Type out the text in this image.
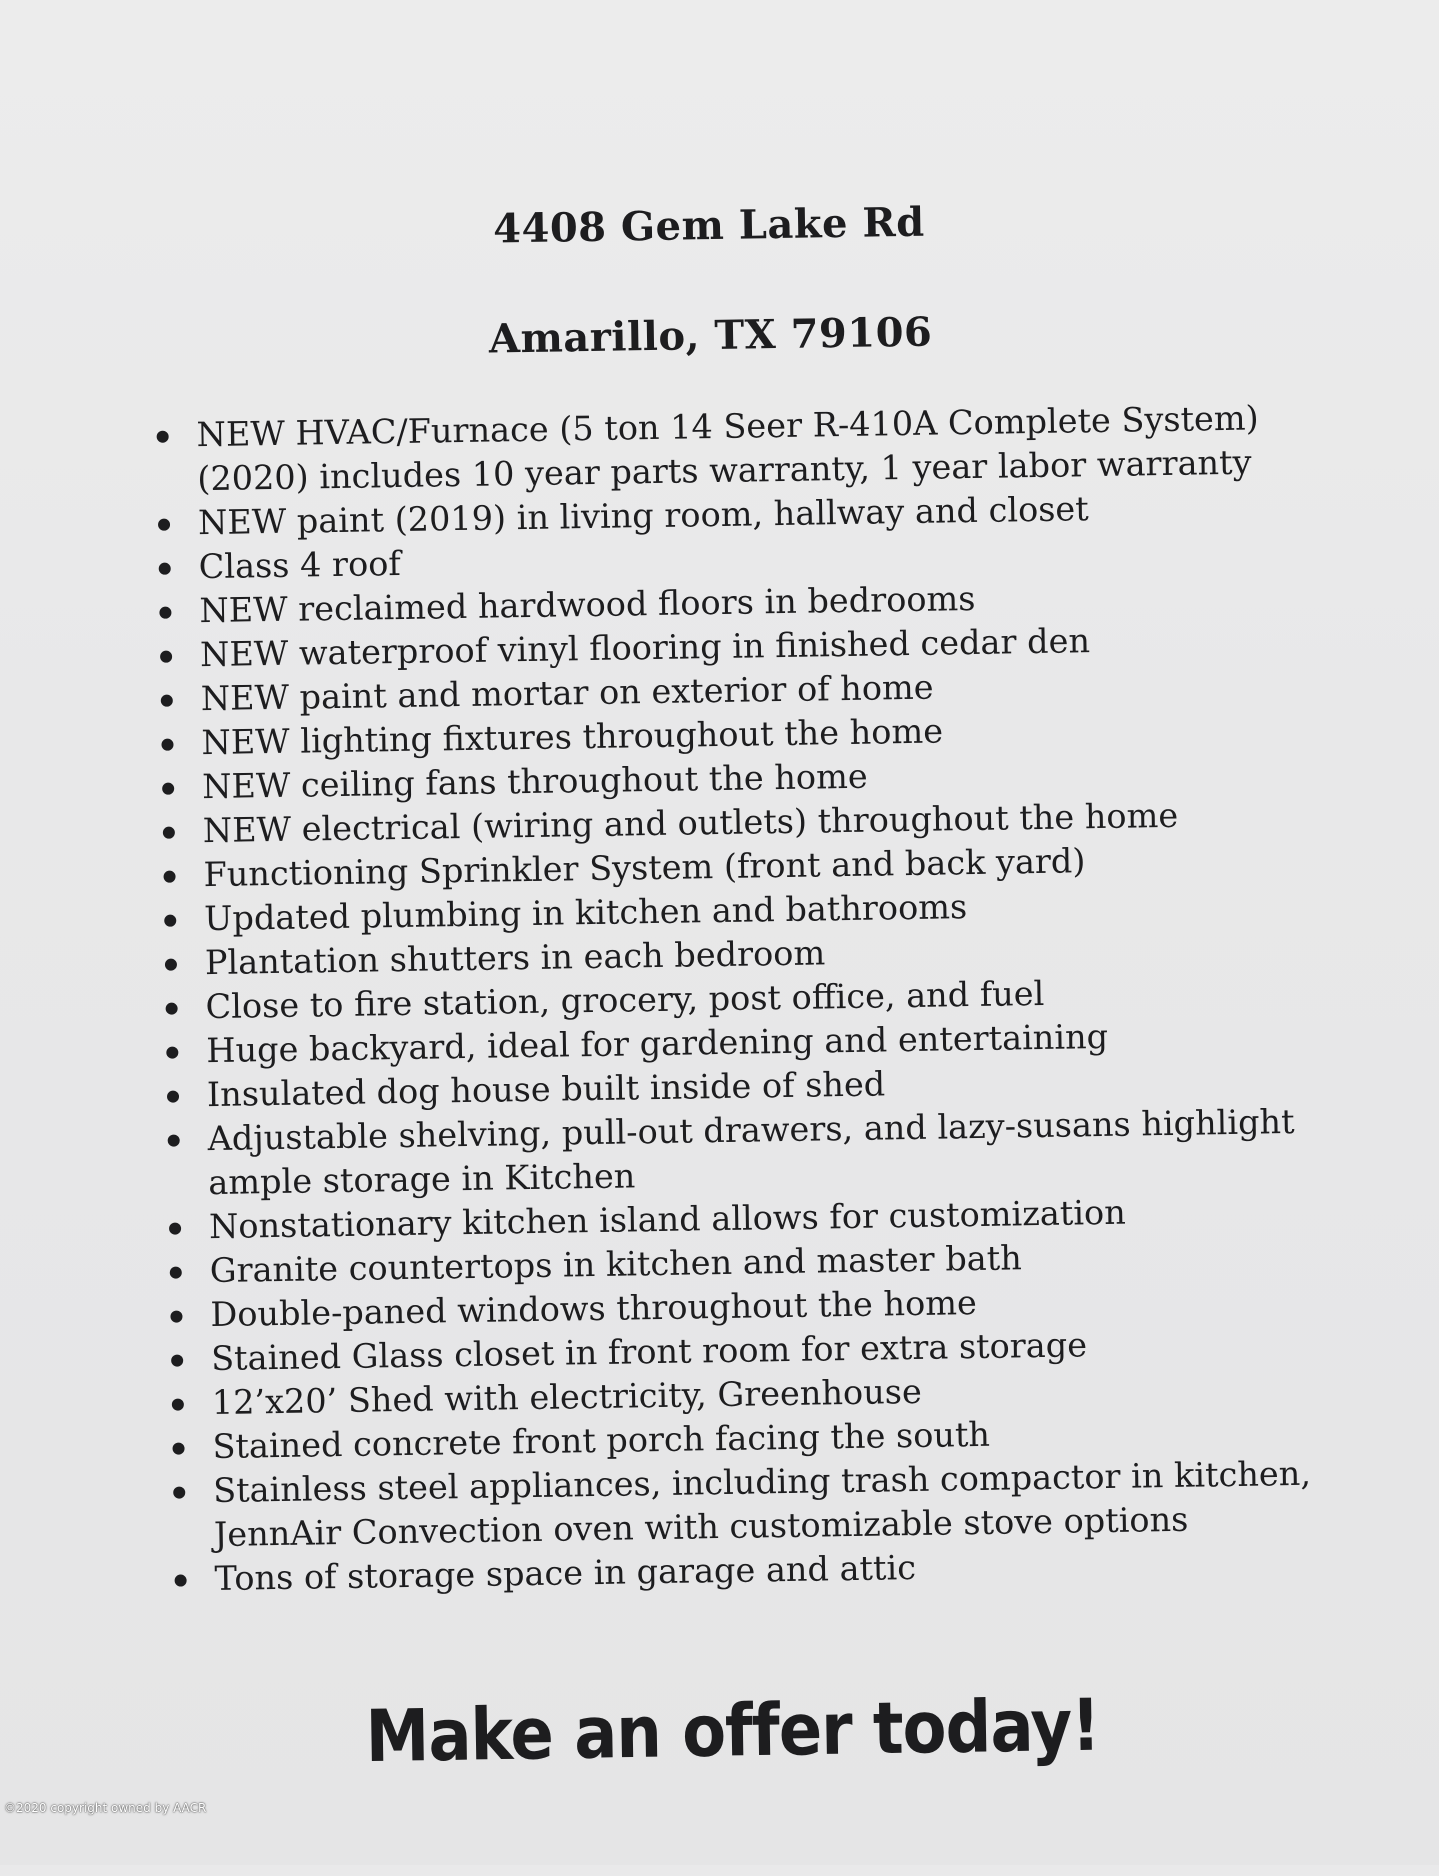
4408 Gem Lake Rd
Amarillo, TX 79106
NEW HVAC/Furnace (5 ton 14 Seer R-410A Complete System) (2020) includes 10 year parts warranty, 1 year labor warranty
NEW paint (2019) in living room, hallway and closet
Class 4 roof
NEW reclaimed hardwood floors in bedrooms
NEW waterproof vinyl flooring in finished cedar den
NEW paint and mortar on exterior of home
NEW lighting fixtures throughout the home
NEW ceiling fans throughout the home
NEW electrical (wiring and outlets) throughout the home
Functioning Sprinkler System (front and back yard)
Updated plumbing in kitchen and bathrooms
Plantation shutters in each bedroom
Close to fire station, grocery, post office, and fuel
Huge backyard, ideal for gardening and entertaining
Insulated dog house built inside of shed
Adjustable shelving, pull-out drawers, and lazy-susans highlight ample storage in Kitchen
Nonstationary kitchen island allows for customization
Granite countertops in kitchen and master bath
Double-paned windows throughout the home
Stained Glass closet in front room for extra storage
12’x20’ Shed with electricity, Greenhouse
Stained concrete front porch facing the south
Stainless steel appliances, including trash compactor in kitchen, JennAir Convection oven with customizable stove options
Tons of storage space in garage and attic
Make an offer today!
©2020 copyright owned by AACR
